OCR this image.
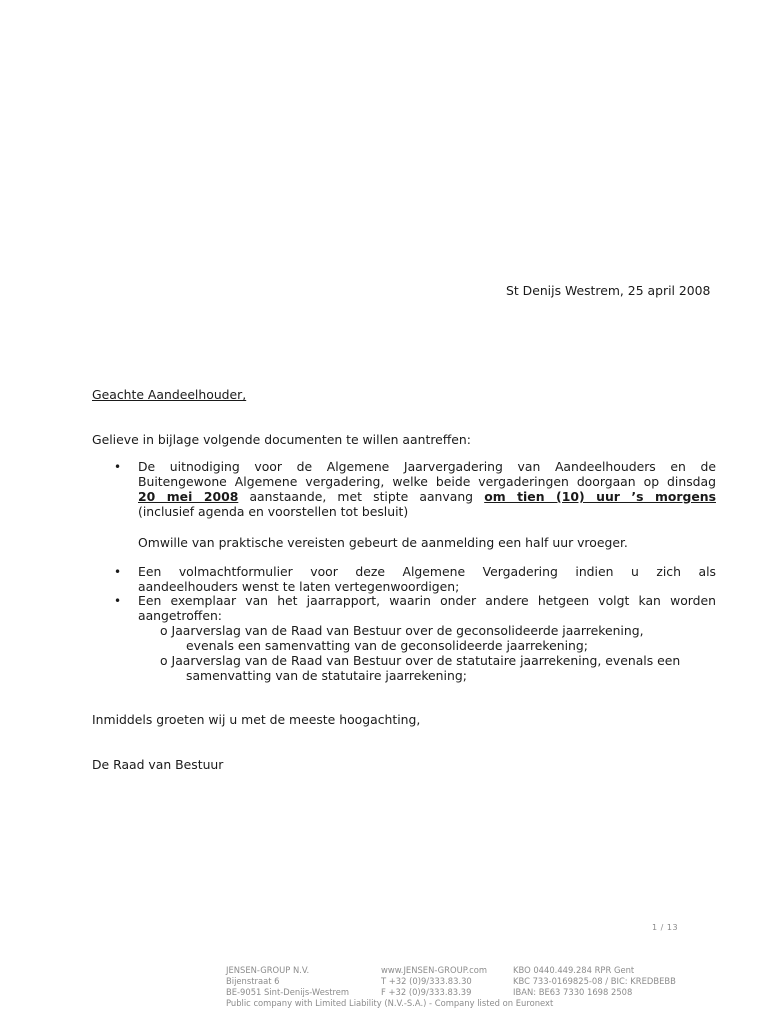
St Denijs Westrem, 25 april 2008
Geachte Aandeelhouder,
Gelieve in bijlage volgende documenten te willen aantreffen:
• De uitnodiging voor de Algemene Jaarvergadering van Aandeelhouders en de
Buitengewone Algemene vergadering, welke beide vergaderingen doorgaan op dinsdag
20 mei 2008 aanstaande, met stipte aanvang om tien (10) uur ’s morgens
(inclusief agenda en voorstellen tot besluit)
Omwille van praktische vereisten gebeurt de aanmelding een half uur vroeger.
• Een volmachtformulier voor deze Algemene Vergadering indien u zich als
aandeelhouders wenst te laten vertegenwoordigen;
• Een exemplaar van het jaarrapport, waarin onder andere hetgeen volgt kan worden
aangetroffen:
o Jaarverslag van de Raad van Bestuur over de geconsolideerde jaarrekening,
evenals een samenvatting van de geconsolideerde jaarrekening;
o Jaarverslag van de Raad van Bestuur over de statutaire jaarrekening, evenals een
samenvatting van de statutaire jaarrekening;
Inmiddels groeten wij u met de meeste hoogachting,
De Raad van Bestuur
1 / 13
JENSEN-GROUP N.V.
Bijenstraat 6
BE-9051 Sint-Denijs-Westrem
www.JENSEN-GROUP.com
T +32 (0)9/333.83.30
F +32 (0)9/333.83.39
KBO 0440.449.284 RPR Gent
KBC 733-0169825-08 / BIC: KREDBEBB
IBAN: BE63 7330 1698 2508
Public company with Limited Liability (N.V.-S.A.) - Company listed on Euronext
